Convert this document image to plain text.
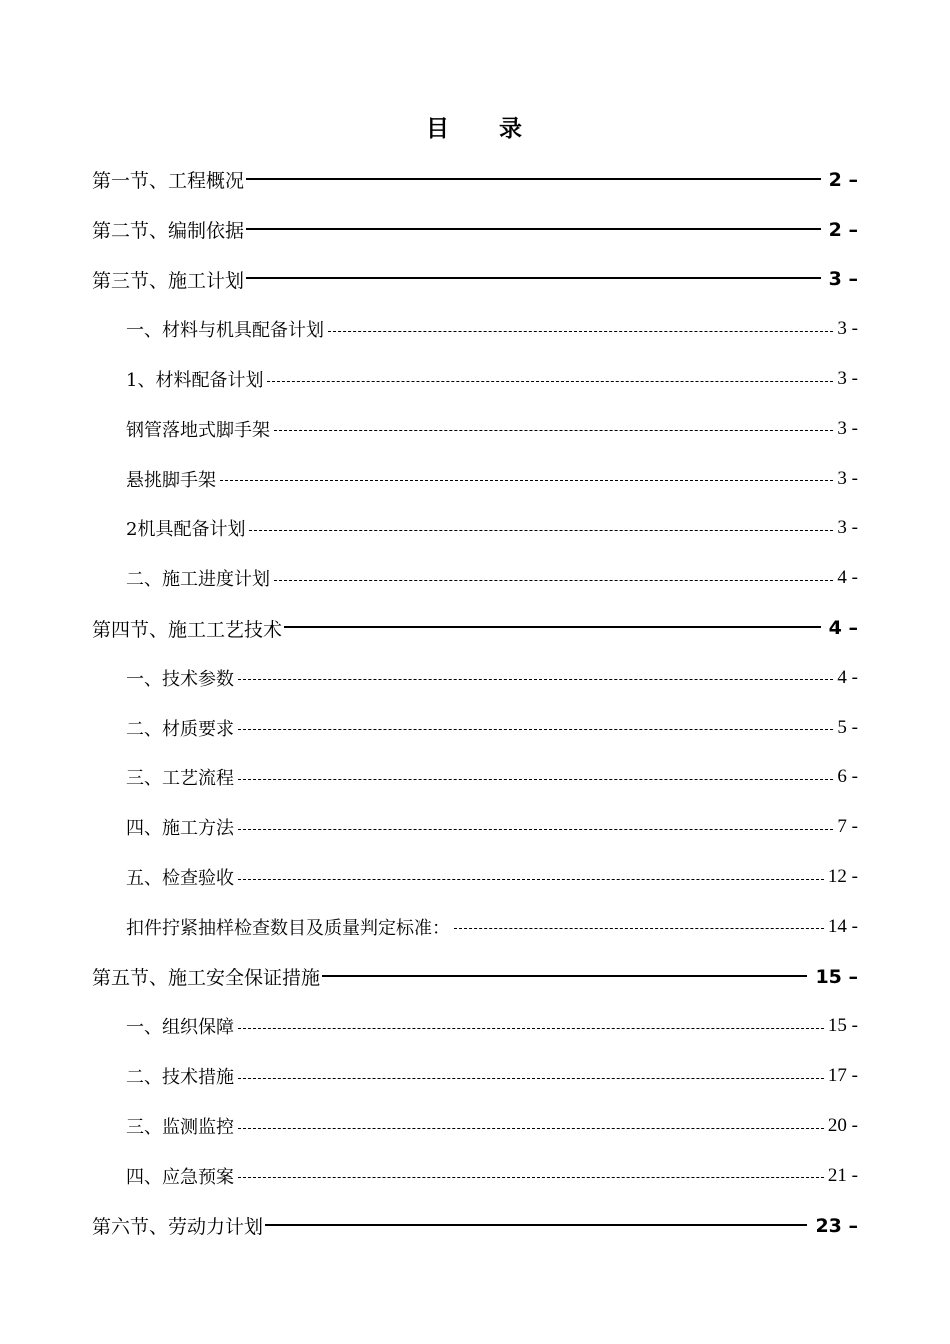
目 录
第一节、工程概况	2 –
第二节、编制依据	2 –
第三节、施工计划	3 –
一、材料与机具配备计划	3 -
1、材料配备计划	3 -
钢管落地式脚手架	3 -
悬挑脚手架	3 -
2机具配备计划	3 -
二、施工进度计划	4 -
第四节、施工工艺技术	4 –
一、技术参数	4 -
二、材质要求	5 -
三、工艺流程	6 -
四、施工方法	7 -
五、检查验收	12 -
扣件拧紧抽样检查数目及质量判定标准：	14 -
第五节、施工安全保证措施	15 –
一、组织保障	15 -
二、技术措施	17 -
三、监测监控	20 -
四、应急预案	21 -
第六节、劳动力计划	23 –
